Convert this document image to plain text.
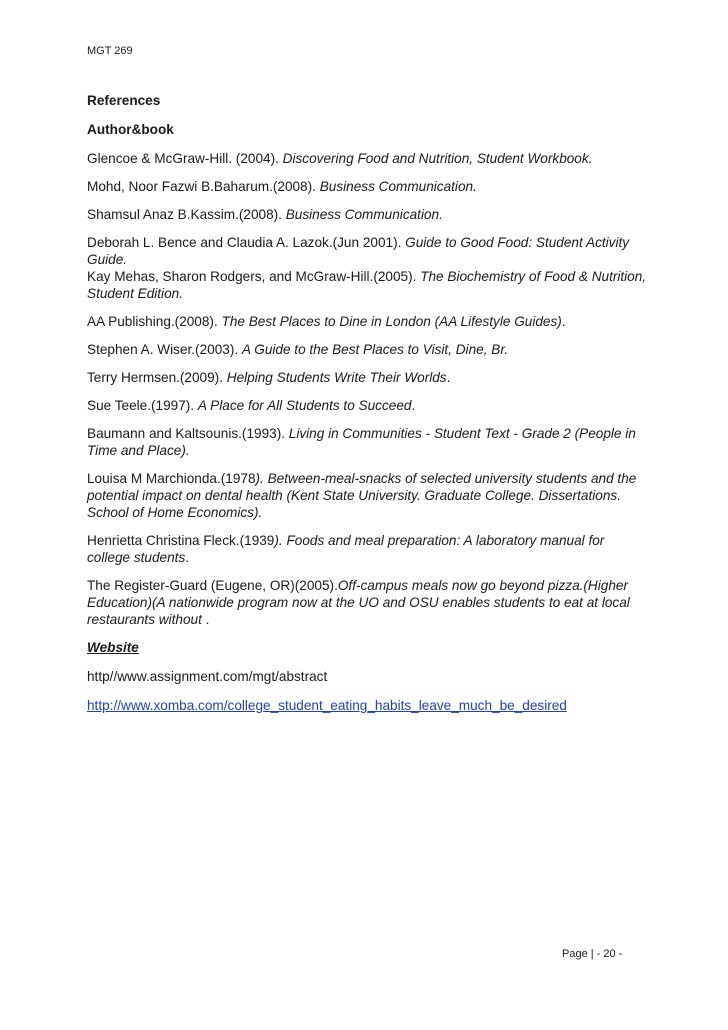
MGT 269
References
Author&book
Glencoe & McGraw-Hill. (2004). Discovering Food and Nutrition, Student Workbook.
Mohd, Noor Fazwi B.Baharum.(2008). Business Communication.
Shamsul Anaz B.Kassim.(2008). Business Communication.
Deborah L. Bence and Claudia A. Lazok.(Jun 2001). Guide to Good Food: Student Activity Guide.
Kay Mehas, Sharon Rodgers, and McGraw-Hill.(2005). The Biochemistry of Food & Nutrition, Student Edition.
AA Publishing.(2008). The Best Places to Dine in London (AA Lifestyle Guides).
Stephen A. Wiser.(2003). A Guide to the Best Places to Visit, Dine, Br.
Terry Hermsen.(2009). Helping Students Write Their Worlds.
Sue Teele.(1997). A Place for All Students to Succeed.
Baumann and Kaltsounis.(1993). Living in Communities - Student Text - Grade 2 (People in Time and Place).
Louisa M Marchionda.(1978). Between-meal-snacks of selected university students and the potential impact on dental health (Kent State University. Graduate College. Dissertations. School of Home Economics).
Henrietta Christina Fleck.(1939). Foods and meal preparation: A laboratory manual for college students.
The Register-Guard (Eugene, OR)(2005).Off-campus meals now go beyond pizza.(Higher Education)(A nationwide program now at the UO and OSU enables students to eat at local restaurants without .
Website
http//www.assignment.com/mgt/abstract
http://www.xomba.com/college_student_eating_habits_leave_much_be_desired
Page | - 20 -
